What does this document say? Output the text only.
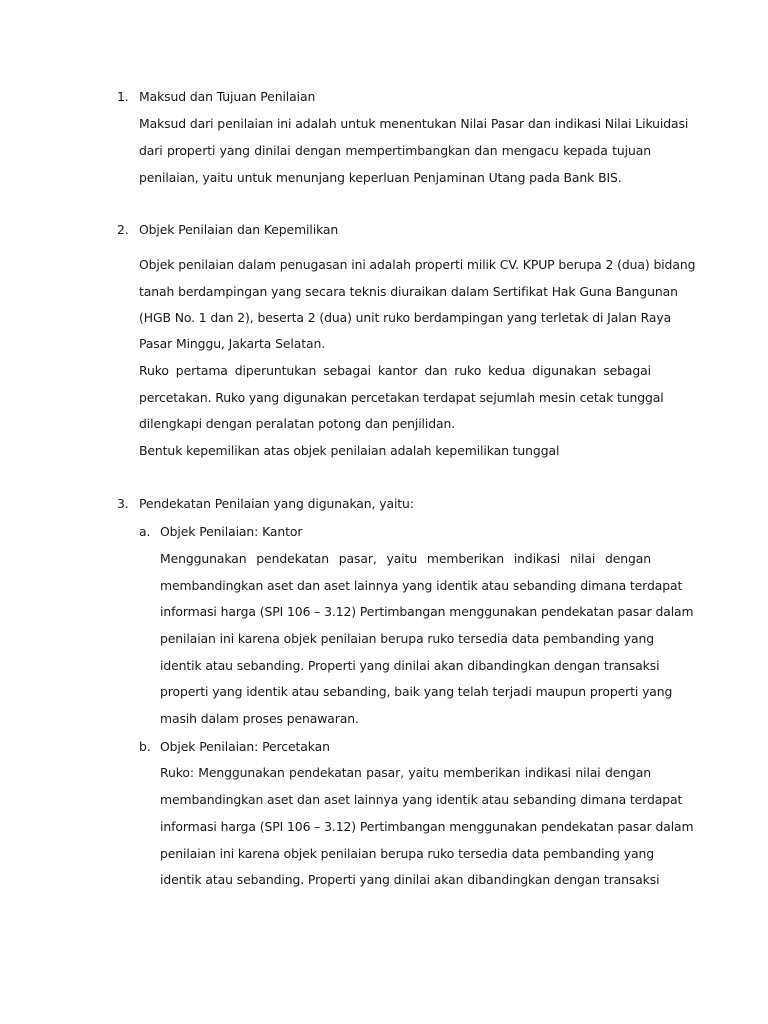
1. Maksud dan Tujuan Penilaian
Maksud dari penilaian ini adalah untuk menentukan Nilai Pasar dan indikasi Nilai Likuidasi
dari properti yang dinilai dengan mempertimbangkan dan mengacu kepada tujuan
penilaian, yaitu untuk menunjang keperluan Penjaminan Utang pada Bank BIS.
2. Objek Penilaian dan Kepemilikan
Objek penilaian dalam penugasan ini adalah properti milik CV. KPUP berupa 2 (dua) bidang
tanah berdampingan yang secara teknis diuraikan dalam Sertifikat Hak Guna Bangunan
(HGB No. 1 dan 2), beserta 2 (dua) unit ruko berdampingan yang terletak di Jalan Raya
Pasar Minggu, Jakarta Selatan.
Ruko pertama diperuntukan sebagai kantor dan ruko kedua digunakan sebagai
percetakan. Ruko yang digunakan percetakan terdapat sejumlah mesin cetak tunggal
dilengkapi dengan peralatan potong dan penjilidan.
Bentuk kepemilikan atas objek penilaian adalah kepemilikan tunggal
3. Pendekatan Penilaian yang digunakan, yaitu:
a. Objek Penilaian: Kantor
Menggunakan pendekatan pasar, yaitu memberikan indikasi nilai dengan
membandingkan aset dan aset lainnya yang identik atau sebanding dimana terdapat
informasi harga (SPI 106 – 3.12) Pertimbangan menggunakan pendekatan pasar dalam
penilaian ini karena objek penilaian berupa ruko tersedia data pembanding yang
identik atau sebanding. Properti yang dinilai akan dibandingkan dengan transaksi
properti yang identik atau sebanding, baik yang telah terjadi maupun properti yang
masih dalam proses penawaran.
b. Objek Penilaian: Percetakan
Ruko: Menggunakan pendekatan pasar, yaitu memberikan indikasi nilai dengan
membandingkan aset dan aset lainnya yang identik atau sebanding dimana terdapat
informasi harga (SPI 106 – 3.12) Pertimbangan menggunakan pendekatan pasar dalam
penilaian ini karena objek penilaian berupa ruko tersedia data pembanding yang
identik atau sebanding. Properti yang dinilai akan dibandingkan dengan transaksi
